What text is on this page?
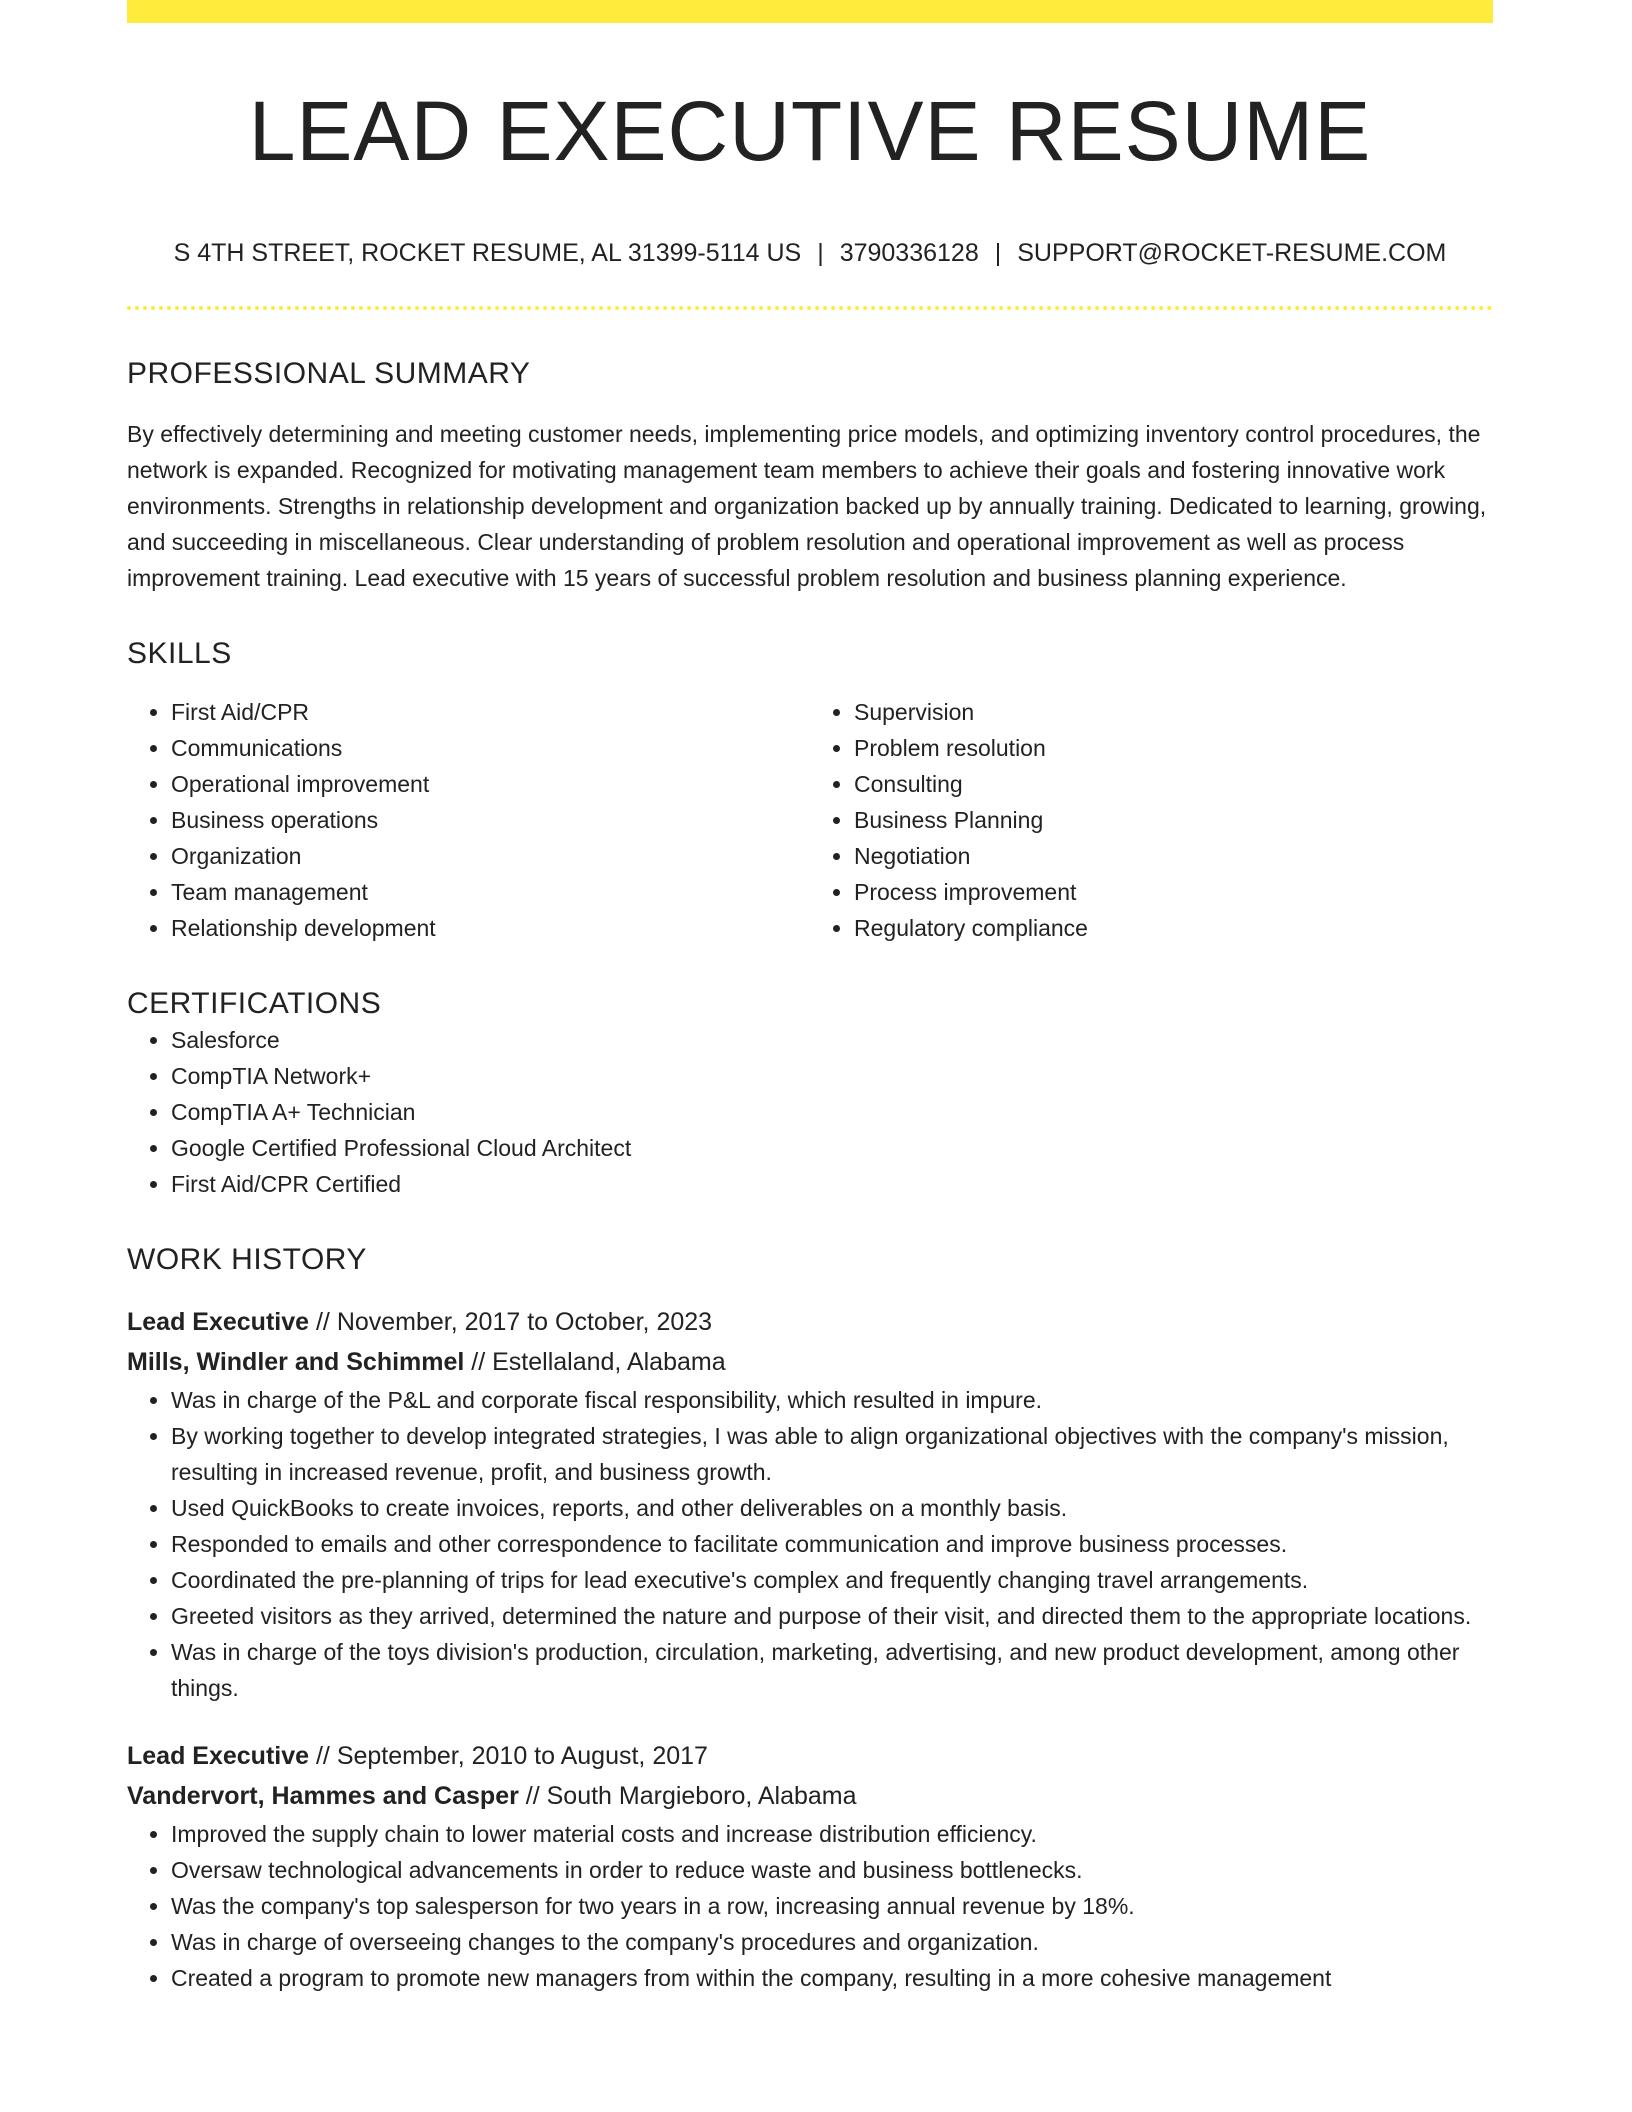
LEAD EXECUTIVE RESUME
S 4TH STREET, ROCKET RESUME, AL 31399-5114 US | 3790336128 | SUPPORT@ROCKET-RESUME.COM
PROFESSIONAL SUMMARY

By effectively determining and meeting customer needs, implementing price models, and optimizing inventory control procedures, the network is expanded. Recognized for motivating management team members to achieve their goals and fostering innovative work environments. Strengths in relationship development and organization backed up by annually training. Dedicated to learning, growing, and succeeding in miscellaneous. Clear understanding of problem resolution and operational improvement as well as process improvement training. Lead executive with 15 years of successful problem resolution and business planning experience.

SKILLS
• First Aid/CPR
• Communications
• Operational improvement
• Business operations
• Organization
• Team management
• Relationship development
• Supervision
• Problem resolution
• Consulting
• Business Planning
• Negotiation
• Process improvement
• Regulatory compliance
CERTIFICATIONS
• Salesforce
• CompTIA Network+
• CompTIA A+ Technician
• Google Certified Professional Cloud Architect
• First Aid/CPR Certified
WORK HISTORY
Lead Executive // November, 2017 to October, 2023
Mills, Windler and Schimmel // Estellaland, Alabama
• Was in charge of the P&L and corporate fiscal responsibility, which resulted in impure.
• By working together to develop integrated strategies, I was able to align organizational objectives with the company's mission, resulting in increased revenue, profit, and business growth.
• Used QuickBooks to create invoices, reports, and other deliverables on a monthly basis.
• Responded to emails and other correspondence to facilitate communication and improve business processes.
• Coordinated the pre-planning of trips for lead executive's complex and frequently changing travel arrangements.
• Greeted visitors as they arrived, determined the nature and purpose of their visit, and directed them to the appropriate locations.
• Was in charge of the toys division's production, circulation, marketing, advertising, and new product development, among other things.
Lead Executive // September, 2010 to August, 2017
Vandervort, Hammes and Casper // South Margieboro, Alabama
• Improved the supply chain to lower material costs and increase distribution efficiency.
• Oversaw technological advancements in order to reduce waste and business bottlenecks.
• Was the company's top salesperson for two years in a row, increasing annual revenue by 18%.
• Was in charge of overseeing changes to the company's procedures and organization.
• Created a program to promote new managers from within the company, resulting in a more cohesive management
